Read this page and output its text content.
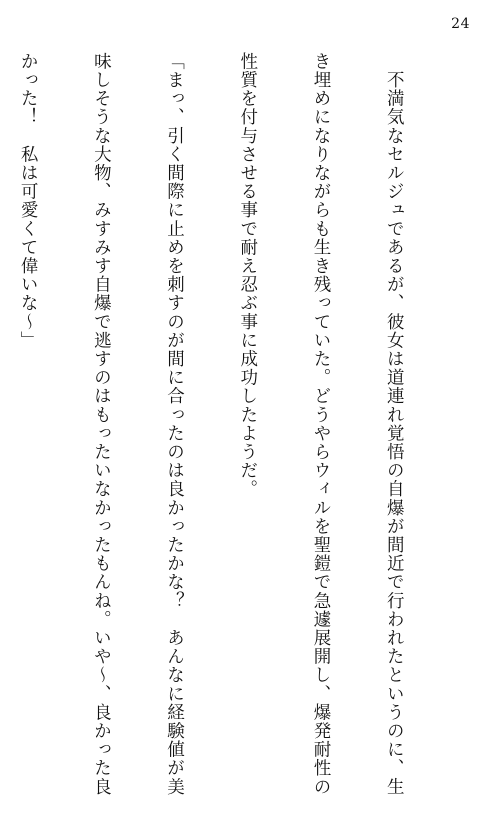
24

　不満気なセルジュであるが、彼女は道連れ覚悟の自爆が間近で行われたというのに、生

き埋めになりながらも生き残っていた。どうやらウィルを聖鎧で急遽展開し、爆発耐性の

性質を付与させる事で耐え忍ぶ事に成功したようだ。

「まっ、引く間際に止めを刺すのが間に合ったのは良かったかな？　あんなに経験値が美

味しそうな大物、みすみす自爆で逃すのはもったいなかったもんね。いや～、良かった良

かった！　私は可愛くて偉いな～」
